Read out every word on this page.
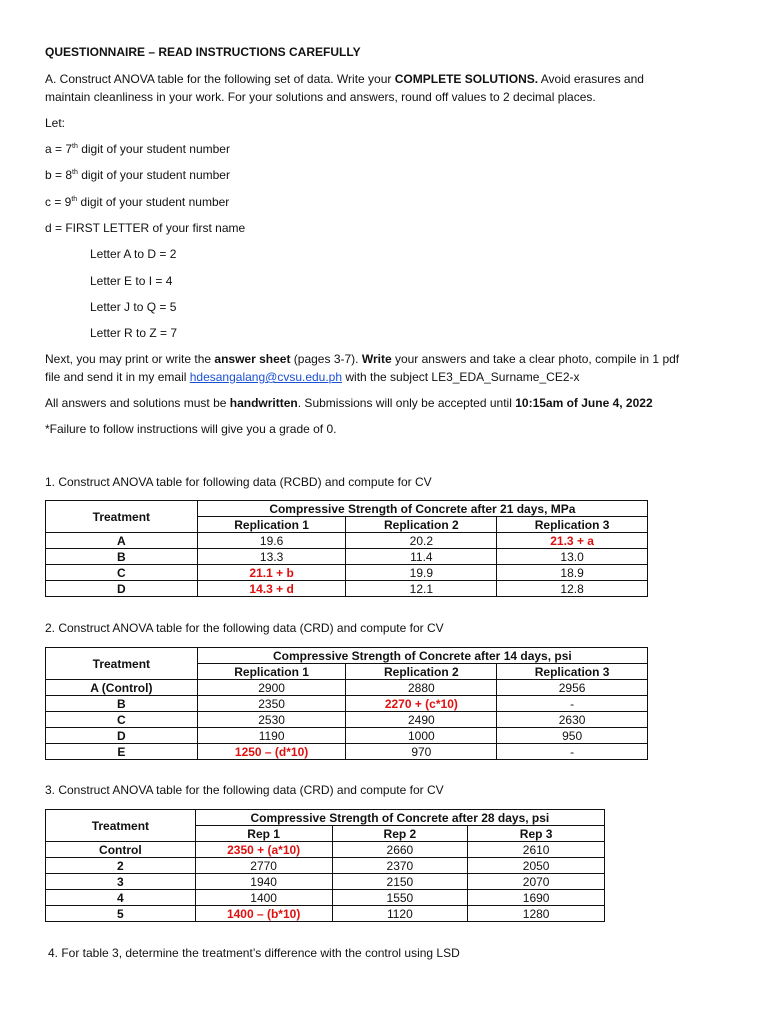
QUESTIONNAIRE – READ INSTRUCTIONS CAREFULLY
A. Construct ANOVA table for the following set of data. Write your COMPLETE SOLUTIONS. Avoid erasures and
maintain cleanliness in your work. For your solutions and answers, round off values to 2 decimal places.
Let:
a = 7th digit of your student number
b = 8th digit of your student number
c = 9th digit of your student number
d = FIRST LETTER of your first name
Letter A to D = 2
Letter E to I = 4
Letter J to Q = 5
Letter R to Z = 7
Next, you may print or write the answer sheet (pages 3-7). Write your answers and take a clear photo, compile in 1 pdf
file and send it in my email hdesangalang@cvsu.edu.ph with the subject LE3_EDA_Surname_CE2-x
All answers and solutions must be handwritten. Submissions will only be accepted until 10:15am of June 4, 2022
*Failure to follow instructions will give you a grade of 0.
1. Construct ANOVA table for following data (RCBD) and compute for CV
Treatment	Compressive Strength of Concrete after 21 days, MPa		
	Replication 1	Replication 2	Replication 3
A	19.6	20.2	21.3 + a
B	13.3	11.4	13.0
C	21.1 + b	19.9	18.9
D	14.3 + d	12.1	12.8
2. Construct ANOVA table for the following data (CRD) and compute for CV
Treatment	Compressive Strength of Concrete after 14 days, psi		
	Replication 1	Replication 2	Replication 3
A (Control)	2900	2880	2956
B	2350	2270 + (c*10)	-
C	2530	2490	2630
D	1190	1000	950
E	1250 – (d*10)	970	-
3. Construct ANOVA table for the following data (CRD) and compute for CV
Treatment	Compressive Strength of Concrete after 28 days, psi		
	Rep 1	Rep 2	Rep 3
Control	2350 + (a*10)	2660	2610
2	2770	2370	2050
3	1940	2150	2070
4	1400	1550	1690
5	1400 – (b*10)	1120	1280
4. For table 3, determine the treatment’s difference with the control using LSD
